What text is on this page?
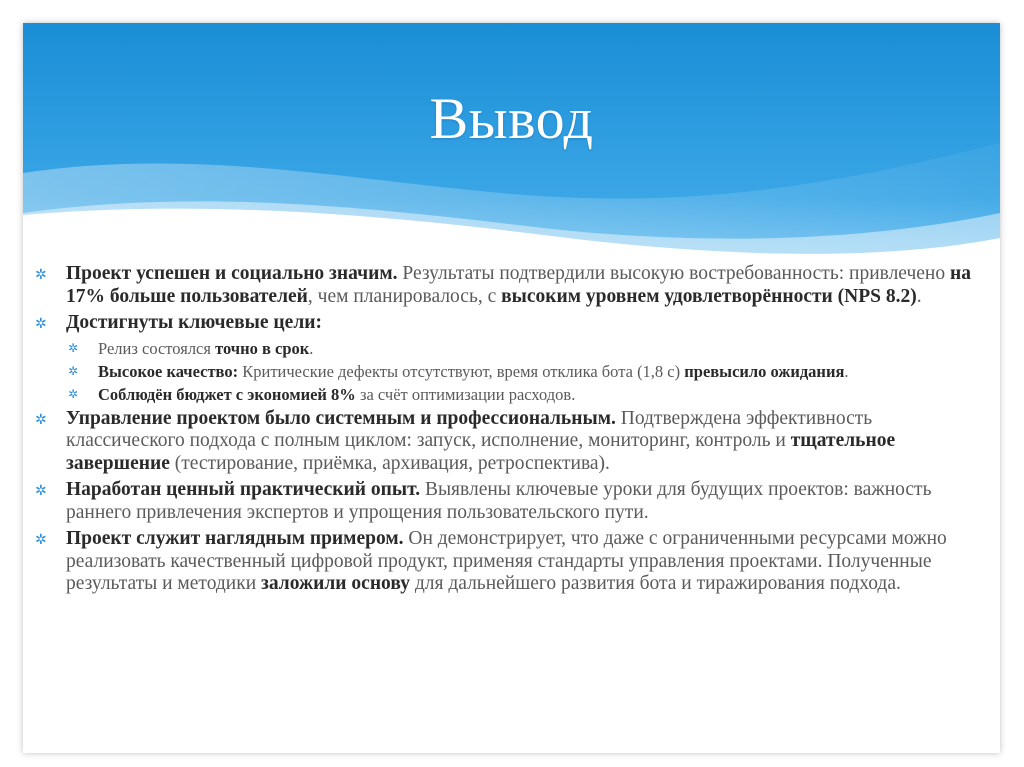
Вывод
✲ Проект успешен и социально значим. Результаты подтвердили высокую востребованность: привлечено на 17% больше пользователей, чем планировалось, с высоким уровнем удовлетворённости (NPS 8.2).
✲ Достигнуты ключевые цели:
✲ Релиз состоялся точно в срок.
✲ Высокое качество: Критические дефекты отсутствуют, время отклика бота (1,8 с) превысило ожидания.
✲ Соблюдён бюджет с экономией 8% за счёт оптимизации расходов.
✲ Управление проектом было системным и профессиональным. Подтверждена эффективность классического подхода с полным циклом: запуск, исполнение, мониторинг, контроль и тщательное завершение (тестирование, приёмка, архивация, ретроспектива).
✲ Наработан ценный практический опыт. Выявлены ключевые уроки для будущих проектов: важность раннего привлечения экспертов и упрощения пользовательского пути.
✲ Проект служит наглядным примером. Он демонстрирует, что даже с ограниченными ресурсами можно реализовать качественный цифровой продукт, применяя стандарты управления проектами. Полученные результаты и методики заложили основу для дальнейшего развития бота и тиражирования подхода.
